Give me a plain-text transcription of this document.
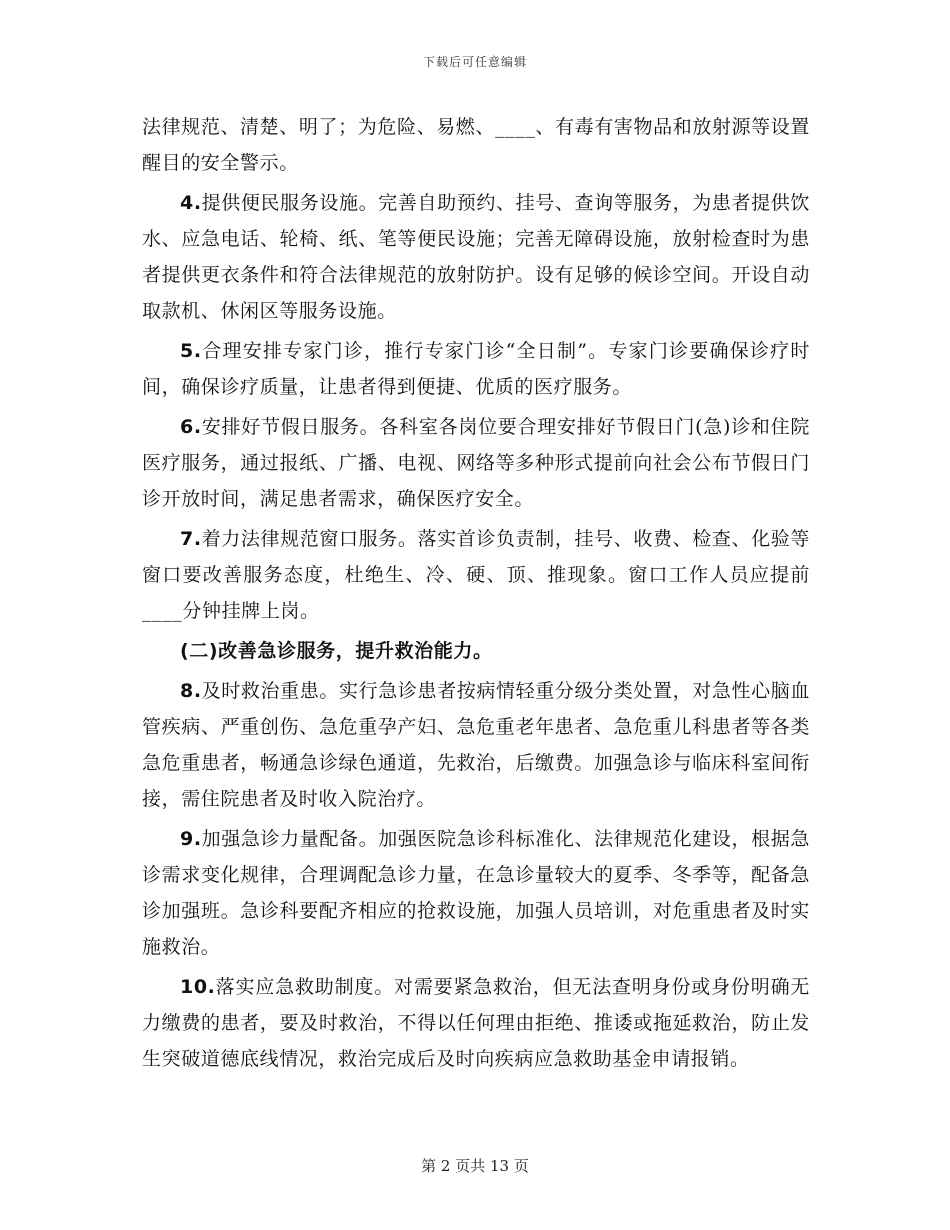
下载后可任意编辑

法律规范、清楚、明了；为危险、易燃、____、有毒有害物品和放射源等设置醒目的安全警示。

4.提供便民服务设施。完善自助预约、挂号、查询等服务，为患者提供饮水、应急电话、轮椅、纸、笔等便民设施；完善无障碍设施，放射检查时为患者提供更衣条件和符合法律规范的放射防护。设有足够的候诊空间。开设自动取款机、休闲区等服务设施。

5.合理安排专家门诊，推行专家门诊“全日制”。专家门诊要确保诊疗时间，确保诊疗质量，让患者得到便捷、优质的医疗服务。

6.安排好节假日服务。各科室各岗位要合理安排好节假日门(急)诊和住院医疗服务，通过报纸、广播、电视、网络等多种形式提前向社会公布节假日门诊开放时间，满足患者需求，确保医疗安全。

7.着力法律规范窗口服务。落实首诊负责制，挂号、收费、检查、化验等窗口要改善服务态度，杜绝生、冷、硬、顶、推现象。窗口工作人员应提前____分钟挂牌上岗。

(二)改善急诊服务，提升救治能力。

8.及时救治重患。实行急诊患者按病情轻重分级分类处置，对急性心脑血管疾病、严重创伤、急危重孕产妇、急危重老年患者、急危重儿科患者等各类急危重患者，畅通急诊绿色通道，先救治，后缴费。加强急诊与临床科室间衔接，需住院患者及时收入院治疗。

9.加强急诊力量配备。加强医院急诊科标准化、法律规范化建设，根据急诊需求变化规律，合理调配急诊力量，在急诊量较大的夏季、冬季等，配备急诊加强班。急诊科要配齐相应的抢救设施，加强人员培训，对危重患者及时实施救治。

10.落实应急救助制度。对需要紧急救治，但无法查明身份或身份明确无力缴费的患者，要及时救治，不得以任何理由拒绝、推诿或拖延救治，防止发生突破道德底线情况，救治完成后及时向疾病应急救助基金申请报销。

第 2 页共 13 页
